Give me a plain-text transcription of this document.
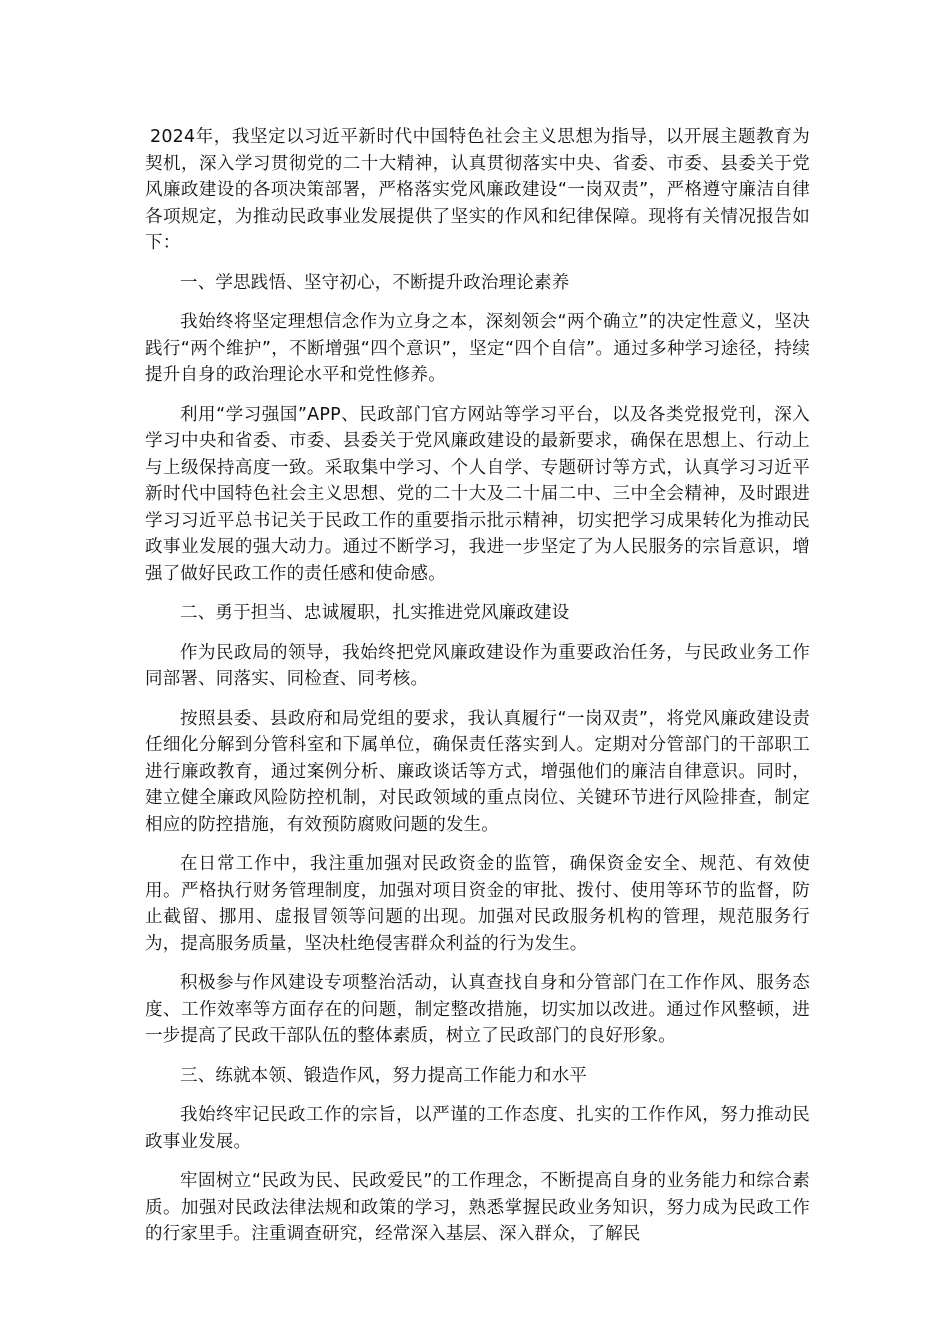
2024年，我坚定以习近平新时代中国特色社会主义思想为指导，以开展主题教育为契机，深入学习贯彻党的二十大精神，认真贯彻落实中央、省委、市委、县委关于党风廉政建设的各项决策部署，严格落实党风廉政建设“一岗双责”，严格遵守廉洁自律各项规定，为推动民政事业发展提供了坚实的作风和纪律保障。现将有关情况报告如下：

一、学思践悟、坚守初心，不断提升政治理论素养

我始终将坚定理想信念作为立身之本，深刻领会“两个确立”的决定性意义，坚决践行“两个维护”，不断增强“四个意识”，坚定“四个自信”。通过多种学习途径，持续提升自身的政治理论水平和党性修养。

利用“学习强国”APP、民政部门官方网站等学习平台，以及各类党报党刊，深入学习中央和省委、市委、县委关于党风廉政建设的最新要求，确保在思想上、行动上与上级保持高度一致。采取集中学习、个人自学、专题研讨等方式，认真学习习近平新时代中国特色社会主义思想、党的二十大及二十届二中、三中全会精神，及时跟进学习习近平总书记关于民政工作的重要指示批示精神，切实把学习成果转化为推动民政事业发展的强大动力。通过不断学习，我进一步坚定了为人民服务的宗旨意识，增强了做好民政工作的责任感和使命感。

二、勇于担当、忠诚履职，扎实推进党风廉政建设

作为民政局的领导，我始终把党风廉政建设作为重要政治任务，与民政业务工作同部署、同落实、同检查、同考核。

按照县委、县政府和局党组的要求，我认真履行“一岗双责”，将党风廉政建设责任细化分解到分管科室和下属单位，确保责任落实到人。定期对分管部门的干部职工进行廉政教育，通过案例分析、廉政谈话等方式，增强他们的廉洁自律意识。同时，建立健全廉政风险防控机制，对民政领域的重点岗位、关键环节进行风险排查，制定相应的防控措施，有效预防腐败问题的发生。

在日常工作中，我注重加强对民政资金的监管，确保资金安全、规范、有效使用。严格执行财务管理制度，加强对项目资金的审批、拨付、使用等环节的监督，防止截留、挪用、虚报冒领等问题的出现。加强对民政服务机构的管理，规范服务行为，提高服务质量，坚决杜绝侵害群众利益的行为发生。

积极参与作风建设专项整治活动，认真查找自身和分管部门在工作作风、服务态度、工作效率等方面存在的问题，制定整改措施，切实加以改进。通过作风整顿，进一步提高了民政干部队伍的整体素质，树立了民政部门的良好形象。

三、练就本领、锻造作风，努力提高工作能力和水平

我始终牢记民政工作的宗旨，以严谨的工作态度、扎实的工作作风，努力推动民政事业发展。

牢固树立“民政为民、民政爱民”的工作理念，不断提高自身的业务能力和综合素质。加强对民政法律法规和政策的学习，熟悉掌握民政业务知识，努力成为民政工作的行家里手。注重调查研究，经常深入基层、深入群众，了解民
